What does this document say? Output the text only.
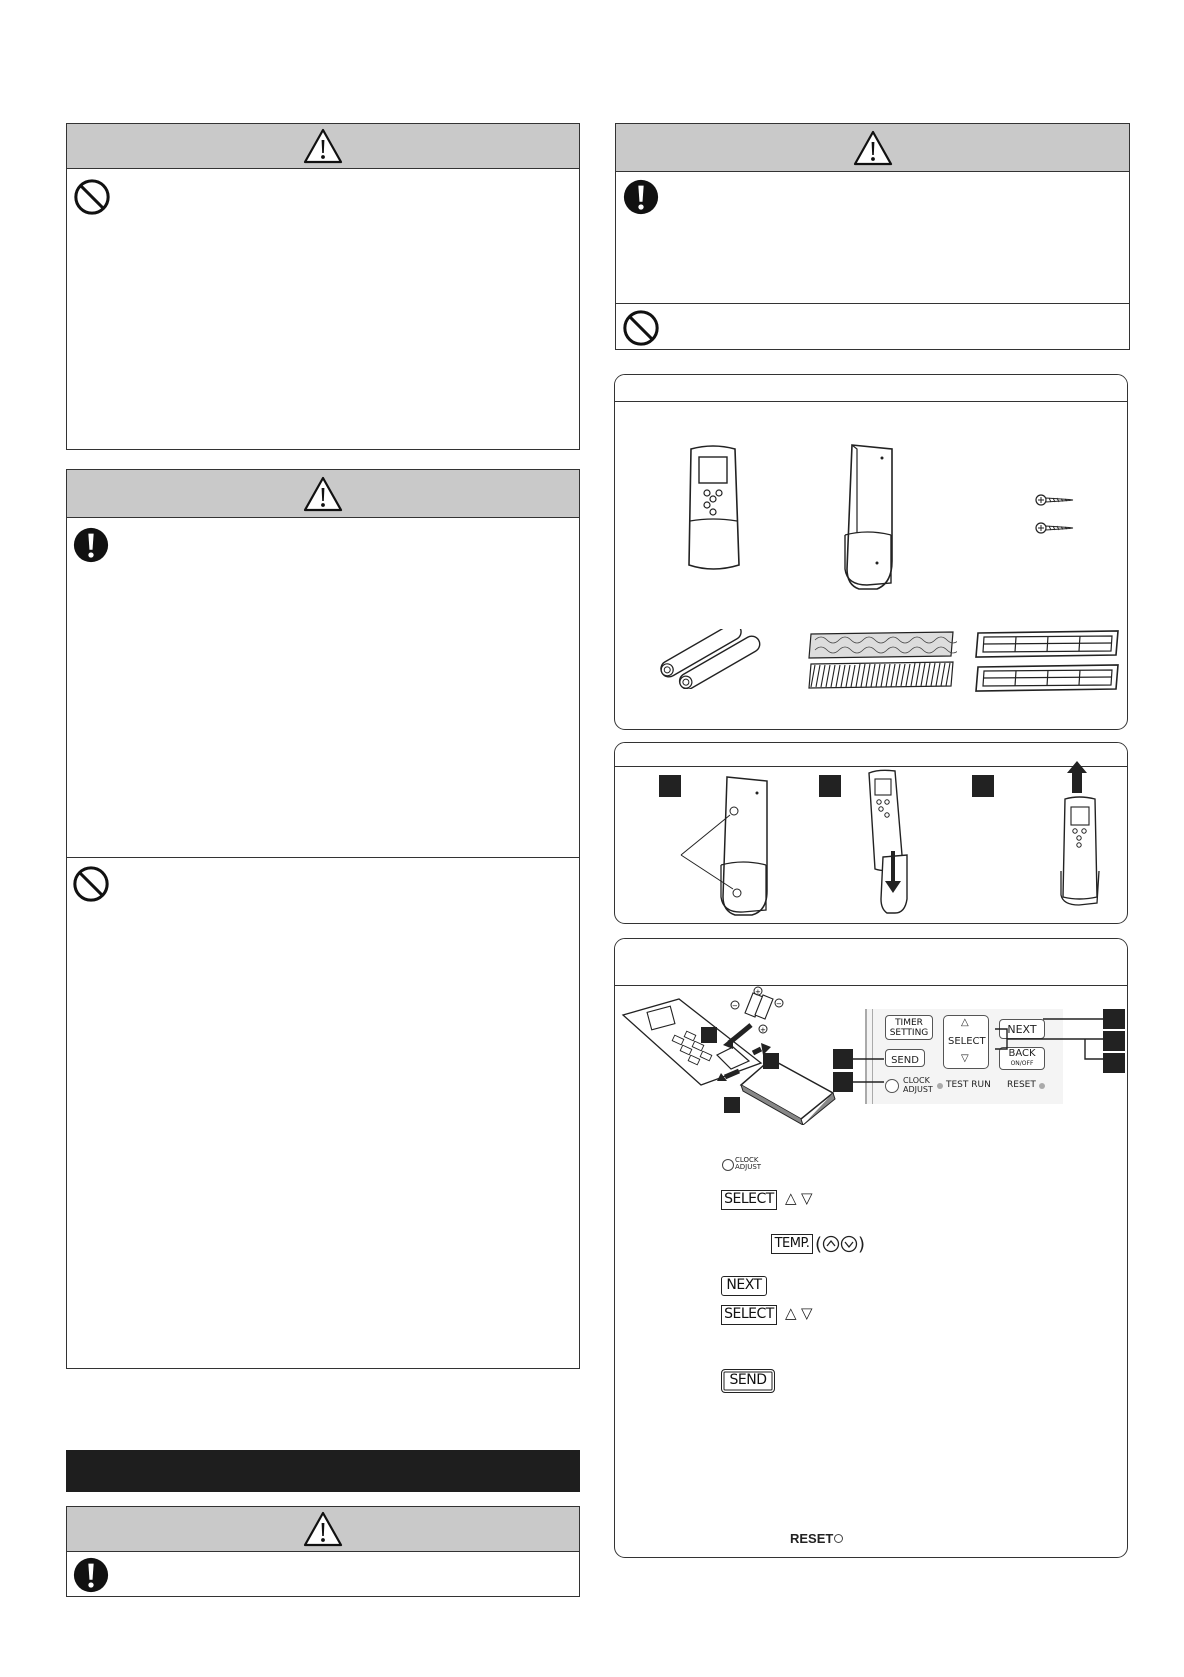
+
−	−
+
TIMER
SETTING
△
SELECT
▽
NEXT
SEND
BACK
ON/OFF
CLOCK
ADJUST TEST RUN RESET
CLOCK
ADJUST
SELECT △ ▽
TEMP. ( )
NEXT
SELECT △ ▽
SEND
RESET
